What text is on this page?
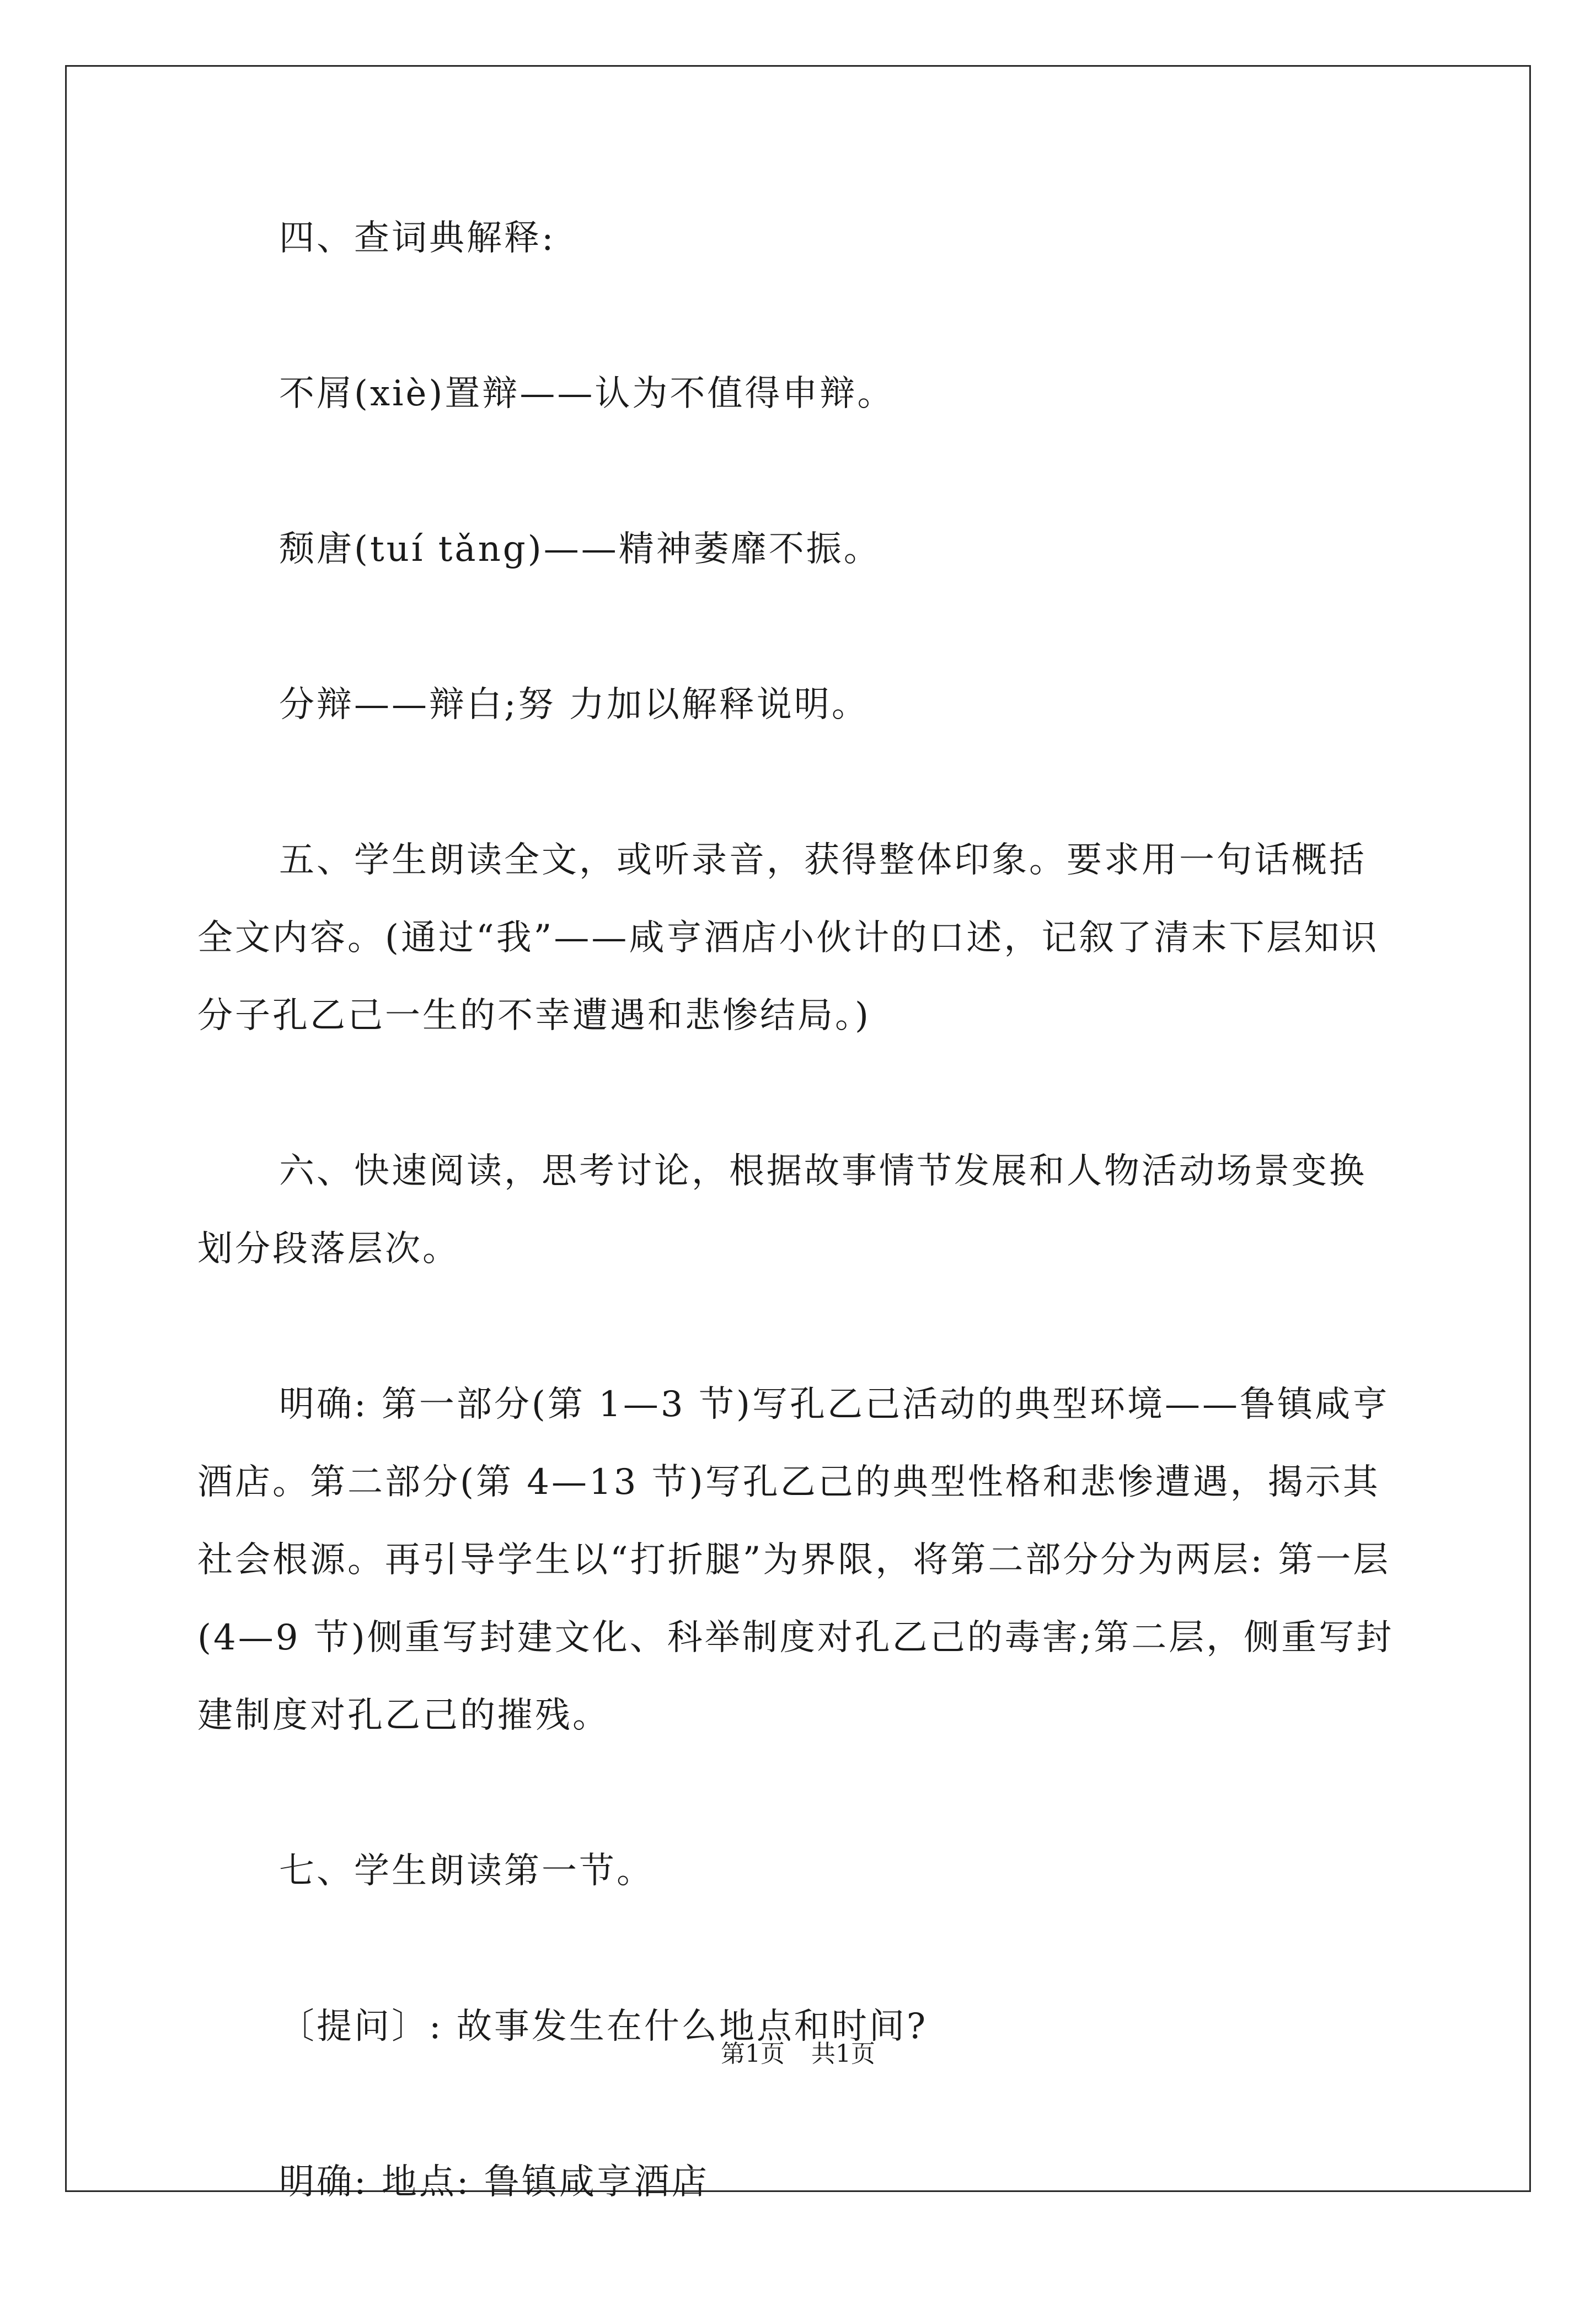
四、查词典解释:

不屑(xiè)置辩——认为不值得申辩。

颓唐(tuí tǎng)——精神萎靡不振。

分辩——辩白;努 力加以解释说明。

五、学生朗读全文，或听录音，获得整体印象。要求用一句话概括全文内容。(通过“我”——咸亨酒店小伙计的口述，记叙了清末下层知识分子孔乙己一生的不幸遭遇和悲惨结局。)

六、快速阅读，思考讨论，根据故事情节发展和人物活动场景变换划分段落层次。

明确: 第一部分(第 1—3 节)写孔乙己活动的典型环境——鲁镇咸亨酒店。第二部分(第 4—13 节)写孔乙己的典型性格和悲惨遭遇，揭示其社会根源。再引导学生以“打折腿”为界限，将第二部分分为两层: 第一层(4—9 节)侧重写封建文化、科举制度对孔乙己的毒害;第二层，侧重写封建制度对孔乙己的摧残。

七、学生朗读第一节。

〔提问〕: 故事发生在什么地点和时间?

明确: 地点: 鲁镇咸亨酒店

第1页 共1页
